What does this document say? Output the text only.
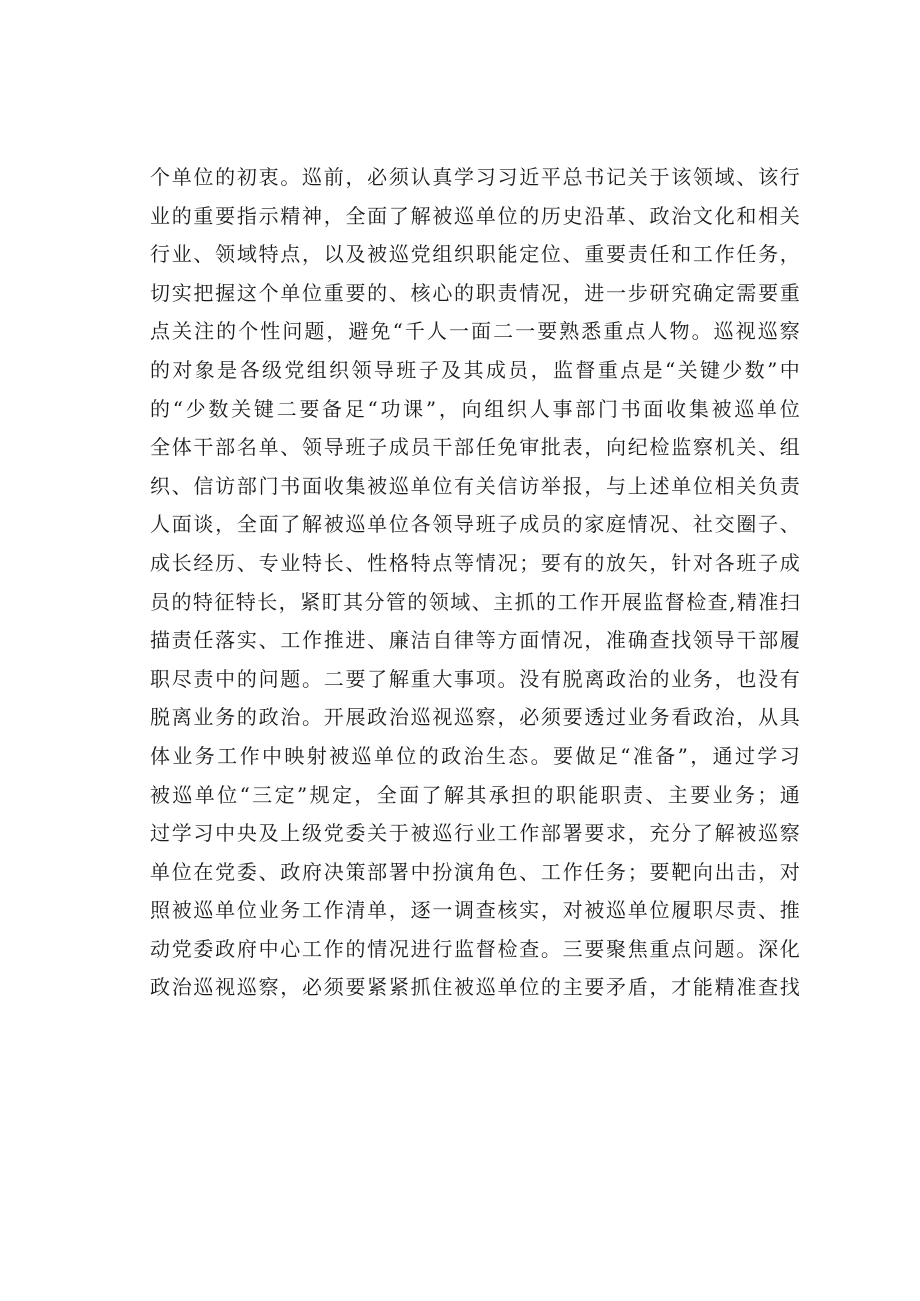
个单位的初衷。巡前，必须认真学习习近平总书记关于该领域、该行
业的重要指示精神，全面了解被巡单位的历史沿革、政治文化和相关
行业、领域特点，以及被巡党组织职能定位、重要责任和工作任务，
切实把握这个单位重要的、核心的职责情况，进一步研究确定需要重
点关注的个性问题，避免“千人一面二一要熟悉重点人物。巡视巡察
的对象是各级党组织领导班子及其成员，监督重点是“关键少数”中
的“少数关键二要备足“功课”，向组织人事部门书面收集被巡单位
全体干部名单、领导班子成员干部任免审批表，向纪检监察机关、组
织、信访部门书面收集被巡单位有关信访举报，与上述单位相关负责
人面谈，全面了解被巡单位各领导班子成员的家庭情况、社交圈子、
成长经历、专业特长、性格特点等情况；要有的放矢，针对各班子成
员的特征特长，紧盯其分管的领域、主抓的工作开展监督检查,精准扫
描责任落实、工作推进、廉洁自律等方面情况，准确查找领导干部履
职尽责中的问题。二要了解重大事项。没有脱离政治的业务，也没有
脱离业务的政治。开展政治巡视巡察，必须要透过业务看政治，从具
体业务工作中映射被巡单位的政治生态。要做足“准备”，通过学习
被巡单位“三定”规定，全面了解其承担的职能职责、主要业务；通
过学习中央及上级党委关于被巡行业工作部署要求，充分了解被巡察
单位在党委、政府决策部署中扮演角色、工作任务；要靶向出击，对
照被巡单位业务工作清单，逐一调查核实，对被巡单位履职尽责、推
动党委政府中心工作的情况进行监督检查。三要聚焦重点问题。深化
政治巡视巡察，必须要紧紧抓住被巡单位的主要矛盾，才能精准查找
